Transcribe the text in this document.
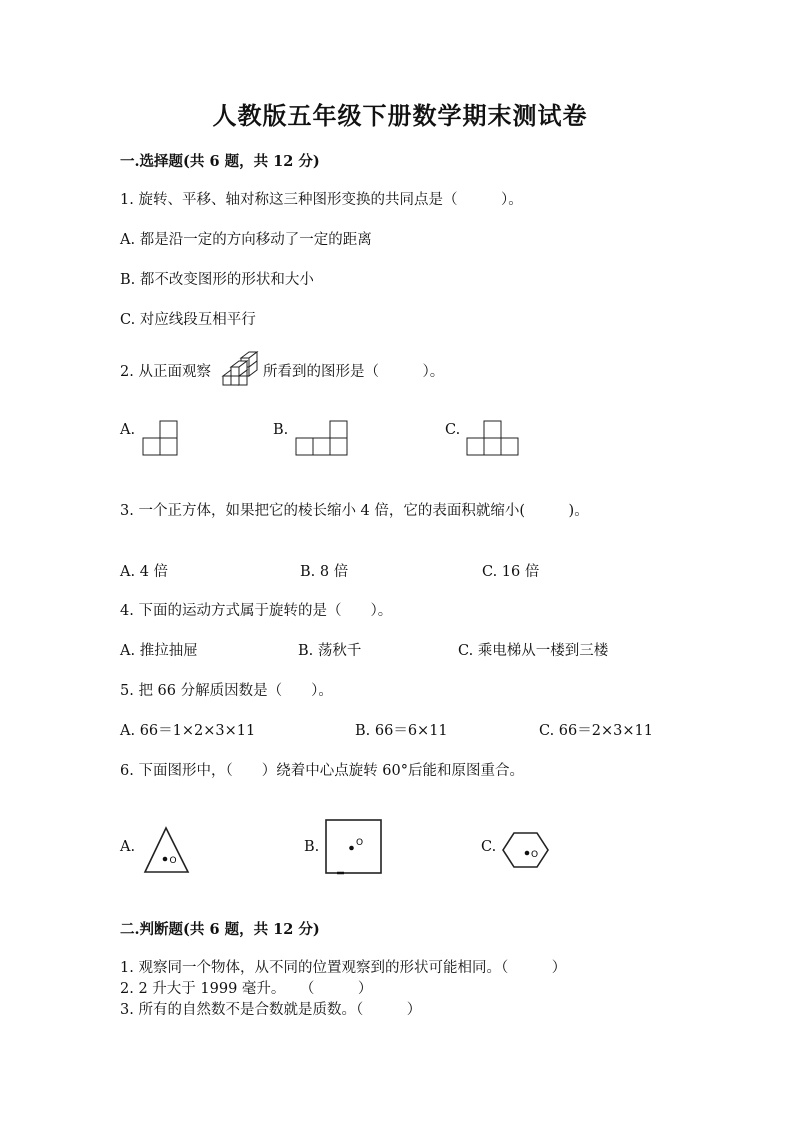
人教版五年级下册数学期末测试卷
一.选择题(共 6 题，共 12 分)
1. 旋转、平移、轴对称这三种图形变换的共同点是（　　　）。
A. 都是沿一定的方向移动了一定的距离
B. 都不改变图形的形状和大小
C. 对应线段互相平行
2. 从正面观察	所看到的图形是（　　　）。
A.	B.	C.
3. 一个正方体，如果把它的棱长缩小 4 倍，它的表面积就缩小(　　　)。
A. 4 倍	B. 8 倍	C. 16 倍
4. 下面的运动方式属于旋转的是（　　）。
A. 推拉抽屉	B. 荡秋千	C. 乘电梯从一楼到三楼
5. 把 66 分解质因数是（　　）。
A. 66＝1×2×3×11	B. 66＝6×11	C. 66＝2×3×11
6. 下面图形中，（　　）绕着中心点旋转 60°后能和原图重合。
A.
O
B.	O	C.	O
二.判断题(共 6 题，共 12 分)
1. 观察同一个物体，从不同的位置观察到的形状可能相同。（　　　）
2. 2 升大于 1999 毫升。　　（　　　）
3. 所有的自然数不是合数就是质数。（　　　）
